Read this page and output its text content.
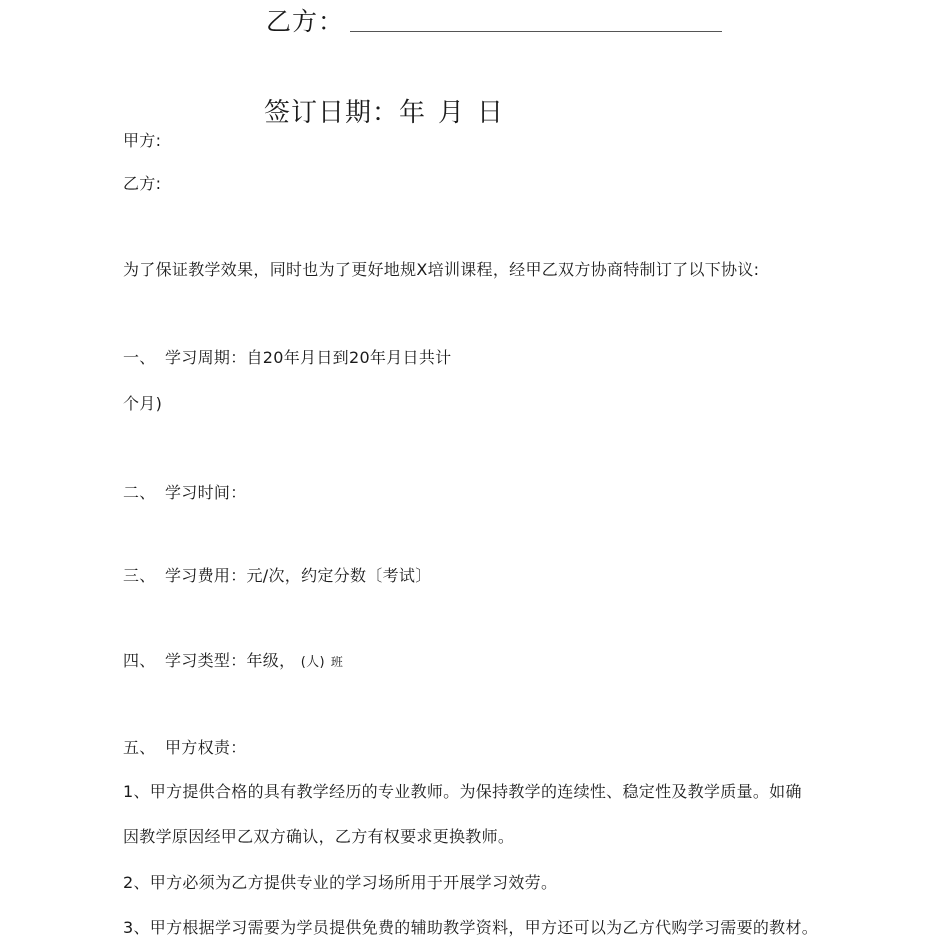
乙方：
签订日期：年 月 日
甲方:
乙方:
为了保证教学效果，同时也为了更好地规X培训课程，经甲乙双方协商特制订了以下协议:
一、 学习周期：自20年月日到20年月日共计
个月)
二、 学习时间：
三、 学习费用：元/次，约定分数〔考试〕
四、 学习类型：年级， (人) 班
五、 甲方权责：
1、甲方提供合格的具有教学经历的专业教师。为保持教学的连续性、稳定性及教学质量。如确
因教学原因经甲乙双方确认，乙方有权要求更换教师。
2、甲方必须为乙方提供专业的学习场所用于开展学习效劳。
3、甲方根据学习需要为学员提供免费的辅助教学资料，甲方还可以为乙方代购学习需要的教材。
